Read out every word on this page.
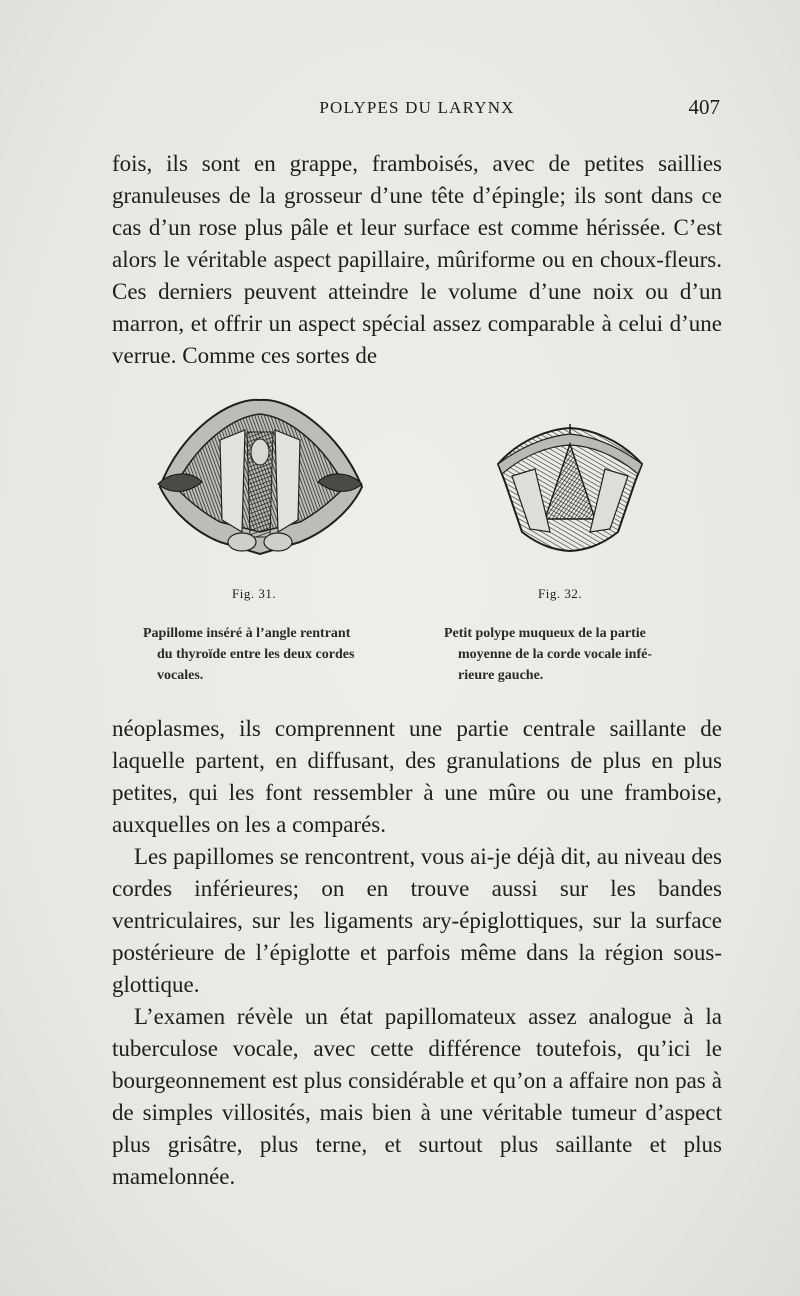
POLYPES DU LARYNX	407

fois, ils sont en grappe, framboisés, avec de petites saillies granuleuses de la grosseur d’une tête d’épingle; ils sont dans ce cas d’un rose plus pâle et leur surface est comme hérissée. C’est alors le véritable aspect papillaire, mûriforme ou en choux-fleurs. Ces derniers peuvent atteindre le volume d’une noix ou d’un marron, et offrir un aspect spécial assez comparable à celui d’une verrue. Comme ces sortes de

Fig. 31.	Fig. 32.
Papillome inséré à l’angle rentrant
du thyroïde entre les deux cordes
vocales.
Petit polype muqueux de la partie
moyenne de la corde vocale infé-
rieure gauche.

néoplasmes, ils comprennent une partie centrale saillante de laquelle partent, en diffusant, des granulations de plus en plus petites, qui les font ressembler à une mûre ou une framboise, auxquelles on les a comparés.

Les papillomes se rencontrent, vous ai-je déjà dit, au niveau des cordes inférieures; on en trouve aussi sur les bandes ventriculaires, sur les ligaments ary-épiglottiques, sur la surface postérieure de l’épiglotte et parfois même dans la région sous-glottique.

L’examen révèle un état papillomateux assez analogue à la tuberculose vocale, avec cette différence toutefois, qu’ici le bourgeonnement est plus considérable et qu’on a affaire non pas à de simples villosités, mais bien à une véritable tumeur d’aspect plus grisâtre, plus terne, et surtout plus saillante et plus mamelonnée.
